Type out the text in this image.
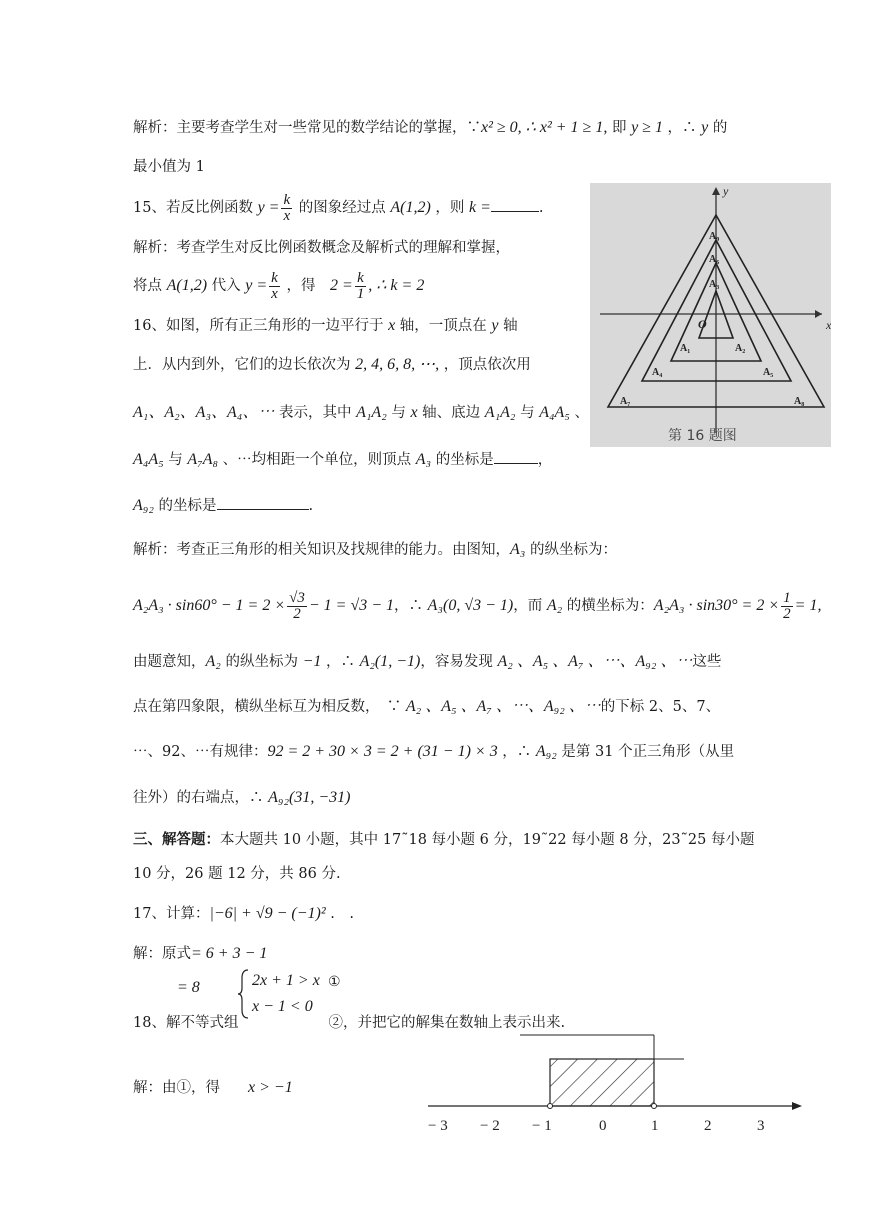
解析：主要考查学生对一些常见的数学结论的掌握，∵x² ≥ 0, ∴ x² + 1 ≥ 1, 即 y ≥ 1 ，∴ y 的
最小值为 1
15、若反比例函数 $y = \frac{k}{x}$ 的图象经过点 A(1,2) ，则 k =	.
解析：考查学生对反比例函数概念及解析式的理解和掌握，
将点 A(1,2) 代入 $y = \frac{k}{x}$ ，得　$2 = \frac{k}{1}$ , ∴ k = 2
16、如图，所有正三角形的一边平行于 x 轴，一顶点在 y 轴
上．从内到外，它们的边长依次为 2, 4, 6, 8, ⋯, ，顶点依次用
A₁、A₂、A₃、A₄、⋯ 表示，其中 A₁A₂ 与 x 轴、底边 A₁A₂ 与 A₄A₅ 、
A₄A₅ 与 A₇A₈ 、⋯均相距一个单位，则顶点 A₃ 的坐标是	，
A₉₂ 的坐标是	.
x
y
O
A₃
A₆
A₉
A₁	A₂
A₄	A₅
A₇	A₈
第 16 题图
解析：考查正三角形的相关知识及找规律的能力。由图知，A₃ 的纵坐标为：
$A_2A_3 \cdot \sin 60^\circ - 1 = 2 \times \frac{√3}{2} - 1 = √3 - 1$，∴ A₃(0, √3 − 1)，而 A₂ 的横坐标为：$A_2A_3 \cdot \sin 30^\circ = 2 \times \frac{1}{2} = 1$,
由题意知，A₂ 的纵坐标为 −1 ，∴ A₂(1, −1)，容易发现 A₂ 、A₅ 、A₇ 、⋯、A₉₂ 、⋯这些
点在第四象限，横纵坐标互为相反数，　∵ A₂ 、A₅ 、A₇ 、⋯、A₉₂ 、⋯的下标 2、5、7、
⋯、92、⋯有规律：92 = 2 + 30 × 3 = 2 + (31 − 1) × 3 ，∴ A₉₂ 是第 31 个正三角形（从里
往外）的右端点，∴ A₉₂(31, −31)
三、解答题：本大题共 10 小题，其中 17˜18 每小题 6 分，19˜22 每小题 8 分，23˜25 每小题
10 分，26 题 12 分，共 86 分.
17、计算：|−6| + √9 − (−1)² .　.
解：原式= 6 + 3 − 1
= 8	2x + 1 > x
x − 1 < 0
①
18、解不等式组	②，并把它的解集在数轴上表示出来.
解：由①，得 x > −1
− 3 − 2 − 1	0	1	2	3
